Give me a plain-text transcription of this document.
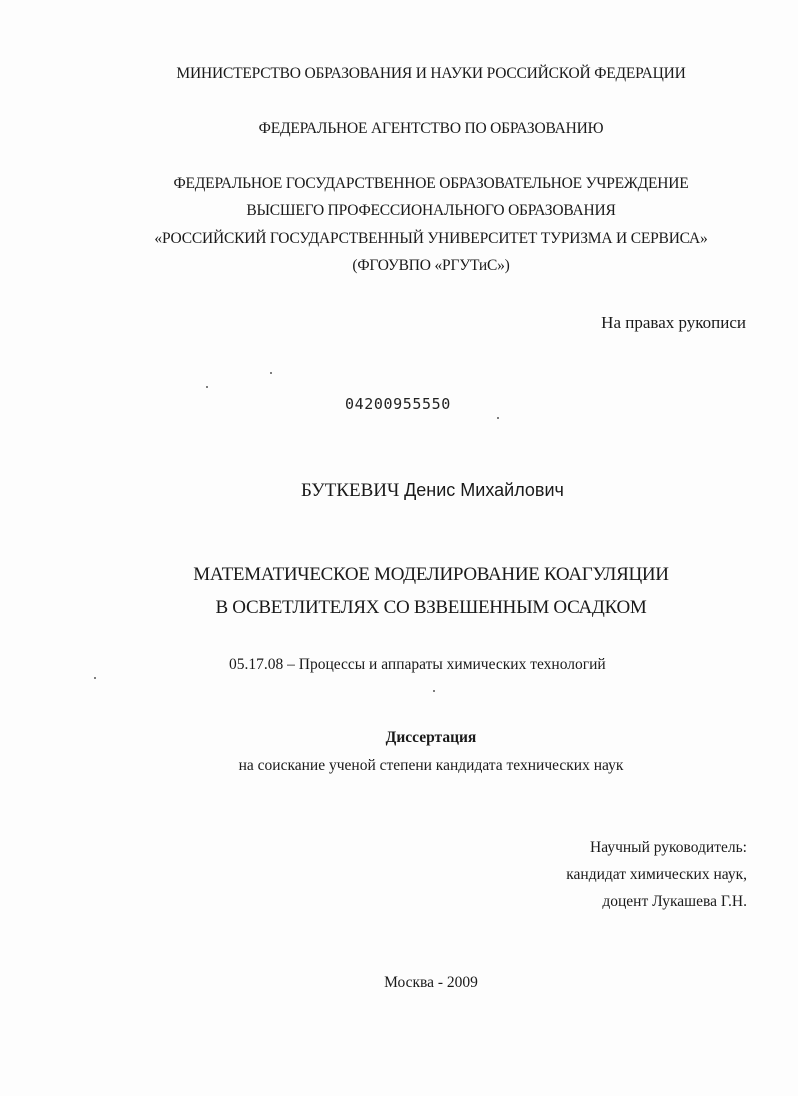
МИНИСТЕРСТВО ОБРАЗОВАНИЯ И НАУКИ РОССИЙСКОЙ ФЕДЕРАЦИИ
ФЕДЕРАЛЬНОЕ АГЕНТСТВО ПО ОБРАЗОВАНИЮ
ФЕДЕРАЛЬНОЕ ГОСУДАРСТВЕННОЕ ОБРАЗОВАТЕЛЬНОЕ УЧРЕЖДЕНИЕ
ВЫСШЕГО ПРОФЕССИОНАЛЬНОГО ОБРАЗОВАНИЯ
«РОССИЙСКИЙ ГОСУДАРСТВЕННЫЙ УНИВЕРСИТЕТ ТУРИЗМА И СЕРВИСА»
(ФГОУВПО «РГУТиС»)
На правах рукописи
04200955550
БУТКЕВИЧ Денис Михайлович
МАТЕМАТИЧЕСКОЕ МОДЕЛИРОВАНИЕ КОАГУЛЯЦИИ
В ОСВЕТЛИТЕЛЯХ СО ВЗВЕШЕННЫМ ОСАДКОМ
05.17.08 – Процессы и аппараты химических технологий
Диссертация
на соискание ученой степени кандидата технических наук
Научный руководитель:
кандидат химических наук,
доцент Лукашева Г.Н.
Москва - 2009
